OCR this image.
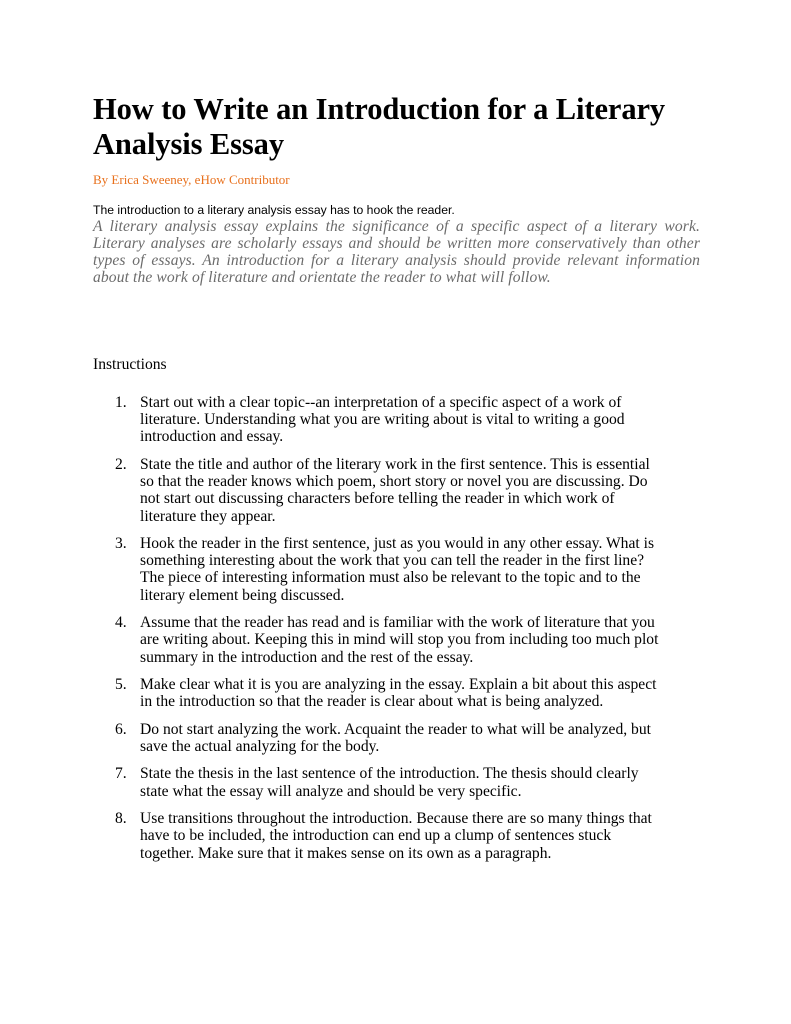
How to Write an Introduction for a Literary Analysis Essay
By Erica Sweeney, eHow Contributor
The introduction to a literary analysis essay has to hook the reader.
A literary analysis essay explains the significance of a specific aspect of a literary work. Literary analyses are scholarly essays and should be written more conservatively than other types of essays. An introduction for a literary analysis should provide relevant information about the work of literature and orientate the reader to what will follow.
Instructions
1. Start out with a clear topic--an interpretation of a specific aspect of a work of literature. Understanding what you are writing about is vital to writing a good introduction and essay.
2. State the title and author of the literary work in the first sentence. This is essential so that the reader knows which poem, short story or novel you are discussing. Do not start out discussing characters before telling the reader in which work of literature they appear.
3. Hook the reader in the first sentence, just as you would in any other essay. What is something interesting about the work that you can tell the reader in the first line? The piece of interesting information must also be relevant to the topic and to the literary element being discussed.
4. Assume that the reader has read and is familiar with the work of literature that you are writing about. Keeping this in mind will stop you from including too much plot summary in the introduction and the rest of the essay.
5. Make clear what it is you are analyzing in the essay. Explain a bit about this aspect in the introduction so that the reader is clear about what is being analyzed.
6. Do not start analyzing the work. Acquaint the reader to what will be analyzed, but save the actual analyzing for the body.
7. State the thesis in the last sentence of the introduction. The thesis should clearly state what the essay will analyze and should be very specific.
8. Use transitions throughout the introduction. Because there are so many things that have to be included, the introduction can end up a clump of sentences stuck together. Make sure that it makes sense on its own as a paragraph.
